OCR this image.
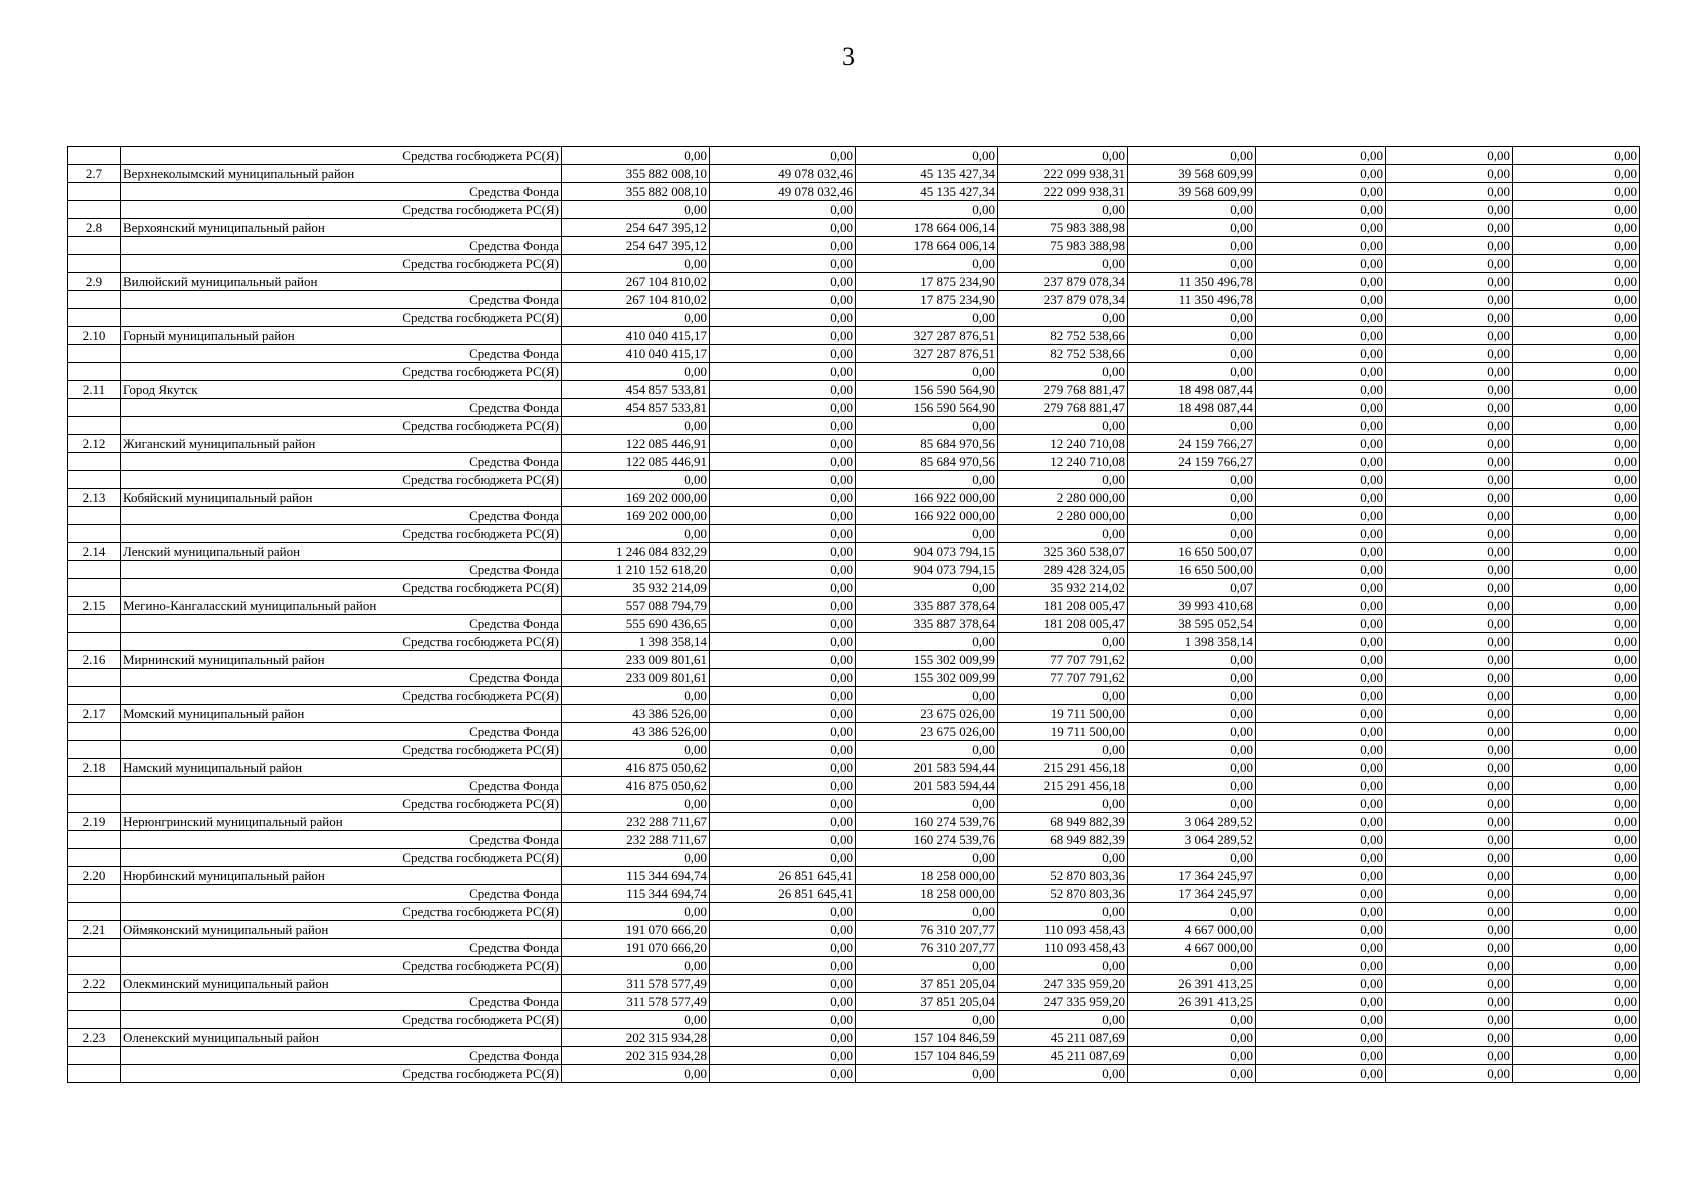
3
	Средства госбюджета РС(Я)	0,00	0,00	0,00	0,00	0,00	0,00	0,00	0,00
2.7	Верхнеколымский муниципальный район	355 882 008,10	49 078 032,46	45 135 427,34	222 099 938,31	39 568 609,99	0,00	0,00	0,00
	Средства Фонда	355 882 008,10	49 078 032,46	45 135 427,34	222 099 938,31	39 568 609,99	0,00	0,00	0,00
	Средства госбюджета РС(Я)	0,00	0,00	0,00	0,00	0,00	0,00	0,00	0,00
2.8	Верхоянский муниципальный район	254 647 395,12	0,00	178 664 006,14	75 983 388,98	0,00	0,00	0,00	0,00
	Средства Фонда	254 647 395,12	0,00	178 664 006,14	75 983 388,98	0,00	0,00	0,00	0,00
	Средства госбюджета РС(Я)	0,00	0,00	0,00	0,00	0,00	0,00	0,00	0,00
2.9	Вилюйский муниципальный район	267 104 810,02	0,00	17 875 234,90	237 879 078,34	11 350 496,78	0,00	0,00	0,00
	Средства Фонда	267 104 810,02	0,00	17 875 234,90	237 879 078,34	11 350 496,78	0,00	0,00	0,00
	Средства госбюджета РС(Я)	0,00	0,00	0,00	0,00	0,00	0,00	0,00	0,00
2.10	Горный муниципальный район	410 040 415,17	0,00	327 287 876,51	82 752 538,66	0,00	0,00	0,00	0,00
	Средства Фонда	410 040 415,17	0,00	327 287 876,51	82 752 538,66	0,00	0,00	0,00	0,00
	Средства госбюджета РС(Я)	0,00	0,00	0,00	0,00	0,00	0,00	0,00	0,00
2.11	Город Якутск	454 857 533,81	0,00	156 590 564,90	279 768 881,47	18 498 087,44	0,00	0,00	0,00
	Средства Фонда	454 857 533,81	0,00	156 590 564,90	279 768 881,47	18 498 087,44	0,00	0,00	0,00
	Средства госбюджета РС(Я)	0,00	0,00	0,00	0,00	0,00	0,00	0,00	0,00
2.12	Жиганский муниципальный район	122 085 446,91	0,00	85 684 970,56	12 240 710,08	24 159 766,27	0,00	0,00	0,00
	Средства Фонда	122 085 446,91	0,00	85 684 970,56	12 240 710,08	24 159 766,27	0,00	0,00	0,00
	Средства госбюджета РС(Я)	0,00	0,00	0,00	0,00	0,00	0,00	0,00	0,00
2.13	Кобяйский муниципальный район	169 202 000,00	0,00	166 922 000,00	2 280 000,00	0,00	0,00	0,00	0,00
	Средства Фонда	169 202 000,00	0,00	166 922 000,00	2 280 000,00	0,00	0,00	0,00	0,00
	Средства госбюджета РС(Я)	0,00	0,00	0,00	0,00	0,00	0,00	0,00	0,00
2.14	Ленский муниципальный район	1 246 084 832,29	0,00	904 073 794,15	325 360 538,07	16 650 500,07	0,00	0,00	0,00
	Средства Фонда	1 210 152 618,20	0,00	904 073 794,15	289 428 324,05	16 650 500,00	0,00	0,00	0,00
	Средства госбюджета РС(Я)	35 932 214,09	0,00	0,00	35 932 214,02	0,07	0,00	0,00	0,00
2.15	Мегино-Кангаласский муниципальный район	557 088 794,79	0,00	335 887 378,64	181 208 005,47	39 993 410,68	0,00	0,00	0,00
	Средства Фонда	555 690 436,65	0,00	335 887 378,64	181 208 005,47	38 595 052,54	0,00	0,00	0,00
	Средства госбюджета РС(Я)	1 398 358,14	0,00	0,00	0,00	1 398 358,14	0,00	0,00	0,00
2.16	Мирнинский муниципальный район	233 009 801,61	0,00	155 302 009,99	77 707 791,62	0,00	0,00	0,00	0,00
	Средства Фонда	233 009 801,61	0,00	155 302 009,99	77 707 791,62	0,00	0,00	0,00	0,00
	Средства госбюджета РС(Я)	0,00	0,00	0,00	0,00	0,00	0,00	0,00	0,00
2.17	Момский муниципальный район	43 386 526,00	0,00	23 675 026,00	19 711 500,00	0,00	0,00	0,00	0,00
	Средства Фонда	43 386 526,00	0,00	23 675 026,00	19 711 500,00	0,00	0,00	0,00	0,00
	Средства госбюджета РС(Я)	0,00	0,00	0,00	0,00	0,00	0,00	0,00	0,00
2.18	Намский муниципальный район	416 875 050,62	0,00	201 583 594,44	215 291 456,18	0,00	0,00	0,00	0,00
	Средства Фонда	416 875 050,62	0,00	201 583 594,44	215 291 456,18	0,00	0,00	0,00	0,00
	Средства госбюджета РС(Я)	0,00	0,00	0,00	0,00	0,00	0,00	0,00	0,00
2.19	Нерюнгринский муниципальный район	232 288 711,67	0,00	160 274 539,76	68 949 882,39	3 064 289,52	0,00	0,00	0,00
	Средства Фонда	232 288 711,67	0,00	160 274 539,76	68 949 882,39	3 064 289,52	0,00	0,00	0,00
	Средства госбюджета РС(Я)	0,00	0,00	0,00	0,00	0,00	0,00	0,00	0,00
2.20	Нюрбинский муниципальный район	115 344 694,74	26 851 645,41	18 258 000,00	52 870 803,36	17 364 245,97	0,00	0,00	0,00
	Средства Фонда	115 344 694,74	26 851 645,41	18 258 000,00	52 870 803,36	17 364 245,97	0,00	0,00	0,00
	Средства госбюджета РС(Я)	0,00	0,00	0,00	0,00	0,00	0,00	0,00	0,00
2.21	Оймяконский муниципальный район	191 070 666,20	0,00	76 310 207,77	110 093 458,43	4 667 000,00	0,00	0,00	0,00
	Средства Фонда	191 070 666,20	0,00	76 310 207,77	110 093 458,43	4 667 000,00	0,00	0,00	0,00
	Средства госбюджета РС(Я)	0,00	0,00	0,00	0,00	0,00	0,00	0,00	0,00
2.22	Олекминский муниципальный район	311 578 577,49	0,00	37 851 205,04	247 335 959,20	26 391 413,25	0,00	0,00	0,00
	Средства Фонда	311 578 577,49	0,00	37 851 205,04	247 335 959,20	26 391 413,25	0,00	0,00	0,00
	Средства госбюджета РС(Я)	0,00	0,00	0,00	0,00	0,00	0,00	0,00	0,00
2.23	Оленекский муниципальный район	202 315 934,28	0,00	157 104 846,59	45 211 087,69	0,00	0,00	0,00	0,00
	Средства Фонда	202 315 934,28	0,00	157 104 846,59	45 211 087,69	0,00	0,00	0,00	0,00
	Средства госбюджета РС(Я)	0,00	0,00	0,00	0,00	0,00	0,00	0,00	0,00
